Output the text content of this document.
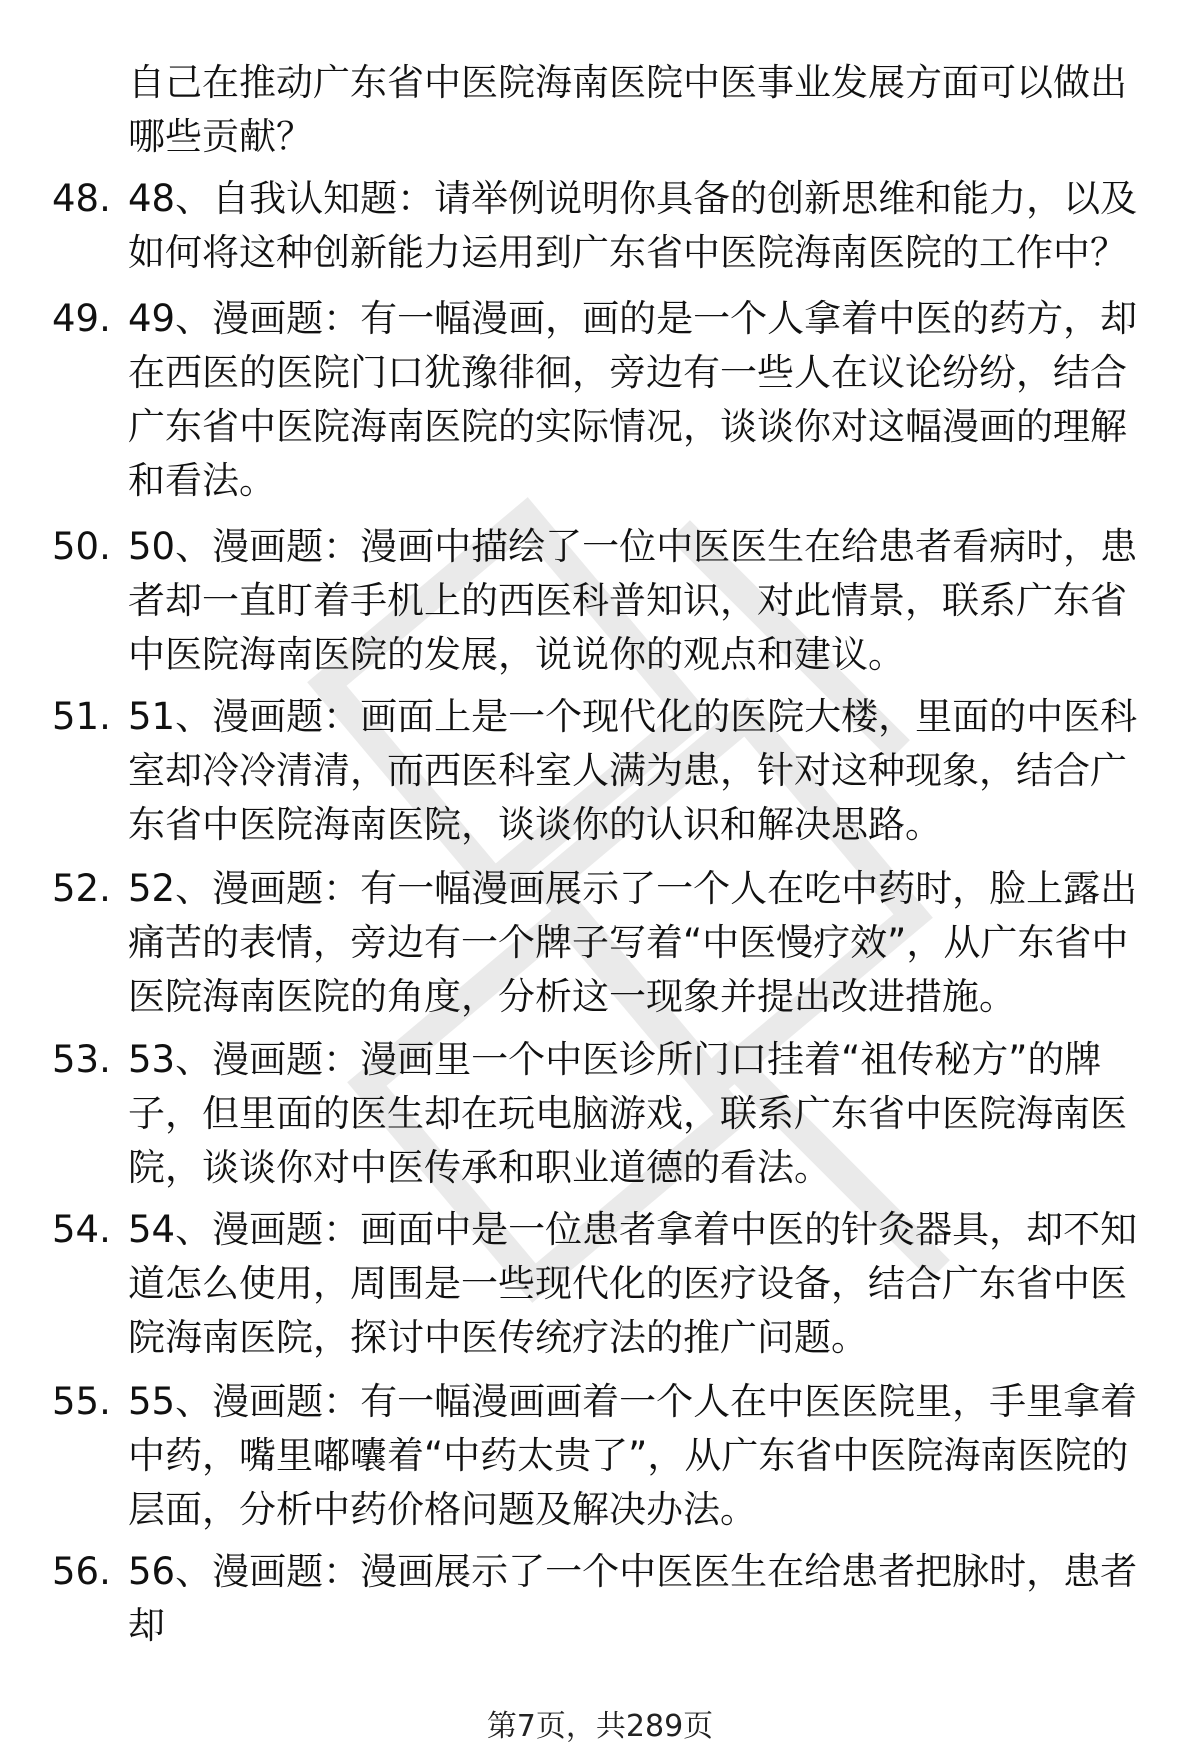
自己在推动广东省中医院海南医院中医事业发展方面可以做出哪些贡献？
48. 48、自我认知题：请举例说明你具备的创新思维和能力，以及如何将这种创新能力运用到广东省中医院海南医院的工作中？
49. 49、漫画题：有一幅漫画，画的是一个人拿着中医的药方，却在西医的医院门口犹豫徘徊，旁边有一些人在议论纷纷，结合广东省中医院海南医院的实际情况，谈谈你对这幅漫画的理解和看法。
50. 50、漫画题：漫画中描绘了一位中医医生在给患者看病时，患者却一直盯着手机上的西医科普知识，对此情景，联系广东省中医院海南医院的发展，说说你的观点和建议。
51. 51、漫画题：画面上是一个现代化的医院大楼，里面的中医科室却冷冷清清，而西医科室人满为患，针对这种现象，结合广东省中医院海南医院，谈谈你的认识和解决思路。
52. 52、漫画题：有一幅漫画展示了一个人在吃中药时，脸上露出痛苦的表情，旁边有一个牌子写着“中医慢疗效”，从广东省中医院海南医院的角度，分析这一现象并提出改进措施。
53. 53、漫画题：漫画里一个中医诊所门口挂着“祖传秘方”的牌子，但里面的医生却在玩电脑游戏，联系广东省中医院海南医院，谈谈你对中医传承和职业道德的看法。
54. 54、漫画题：画面中是一位患者拿着中医的针灸器具，却不知道怎么使用，周围是一些现代化的医疗设备，结合广东省中医院海南医院，探讨中医传统疗法的推广问题。
55. 55、漫画题：有一幅漫画画着一个人在中医医院里，手里拿着中药，嘴里嘟囔着“中药太贵了”，从广东省中医院海南医院的层面，分析中药价格问题及解决办法。
56. 56、漫画题：漫画展示了一个中医医生在给患者把脉时，患者却
第7页，共289页
